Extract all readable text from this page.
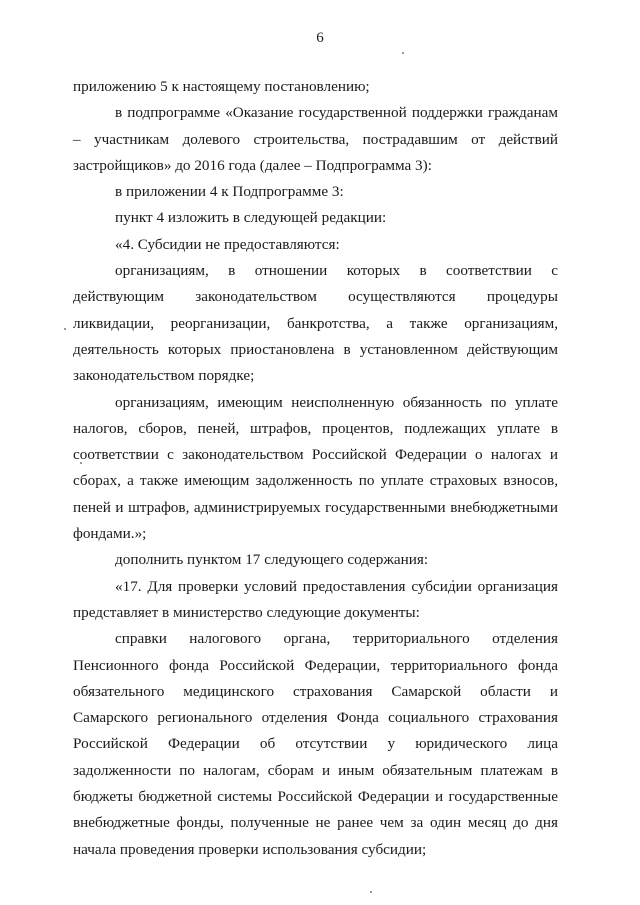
6

приложению 5 к настоящему постановлению;

в подпрограмме «Оказание государственной поддержки гражданам – участникам долевого строительства, пострадавшим от действий застройщиков» до 2016 года (далее – Подпрограмма 3):

в приложении 4 к Подпрограмме 3:

пункт 4 изложить в следующей редакции:

«4. Субсидии не предоставляются:

организациям, в отношении которых в соответствии с действующим законодательством осуществляются процедуры ликвидации, реорганизации, банкротства, а также организациям, деятельность которых приостановлена в установленном действующим законодательством порядке;

организациям, имеющим неисполненную обязанность по уплате налогов, сборов, пеней, штрафов, процентов, подлежащих уплате в соответствии с законодательством Российской Федерации о налогах и сборах, а также имеющим задолженность по уплате страховых взносов, пеней и штрафов, администрируемых государственными внебюджетными фондами.»;

дополнить пунктом 17 следующего содержания:

«17. Для проверки условий предоставления субсидии организация представляет в министерство следующие документы:

справки налогового органа, территориального отделения Пенсионного фонда Российской Федерации, территориального фонда обязательного медицинского страхования Самарской области и Самарского регионального отделения Фонда социального страхования Российской Федерации об отсутствии у юридического лица задолженности по налогам, сборам и иным обязательным платежам в бюджеты бюджетной системы Российской Федерации и государственные внебюджетные фонды, полученные не ранее чем за один месяц до дня начала проведения проверки использования субсидии;
